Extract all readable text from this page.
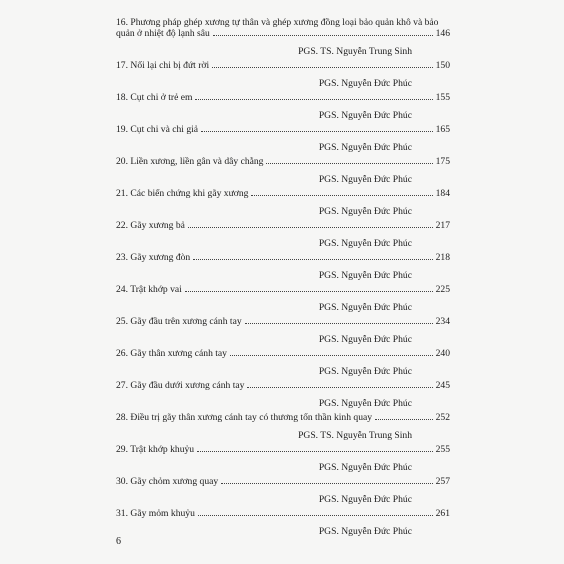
16. Phương pháp ghép xương tự thân và ghép xương đồng loại bảo quản khô và bảo
quản ở nhiệt độ lạnh sâu	146
PGS. TS. Nguyễn Trung Sinh
17. Nối lại chi bị đứt rời	150
PGS. Nguyễn Đức Phúc
18. Cụt chi ở trẻ em	155
PGS. Nguyễn Đức Phúc
19. Cụt chi và chi giả	165
PGS. Nguyễn Đức Phúc
20. Liền xương, liền gân và dây chằng	175
PGS. Nguyễn Đức Phúc
21. Các biến chứng khi gãy xương	184
PGS. Nguyễn Đức Phúc
22. Gãy xương bả	217
PGS. Nguyễn Đức Phúc
23. Gãy xương đòn	218
PGS. Nguyễn Đức Phúc
24. Trật khớp vai	225
PGS. Nguyễn Đức Phúc
25. Gãy đầu trên xương cánh tay	234
PGS. Nguyễn Đức Phúc
26. Gãy thân xương cánh tay	240
PGS. Nguyễn Đức Phúc
27. Gãy đầu dưới xương cánh tay	245
PGS. Nguyễn Đức Phúc
28. Điều trị gãy thân xương cánh tay có thương tổn thần kinh quay	252
PGS. TS. Nguyễn Trung Sinh
29. Trật khớp khuỷu	255
PGS. Nguyễn Đức Phúc
30. Gãy chỏm xương quay	257
PGS. Nguyễn Đức Phúc
31. Gãy mỏm khuỷu	261
PGS. Nguyễn Đức Phúc
6
